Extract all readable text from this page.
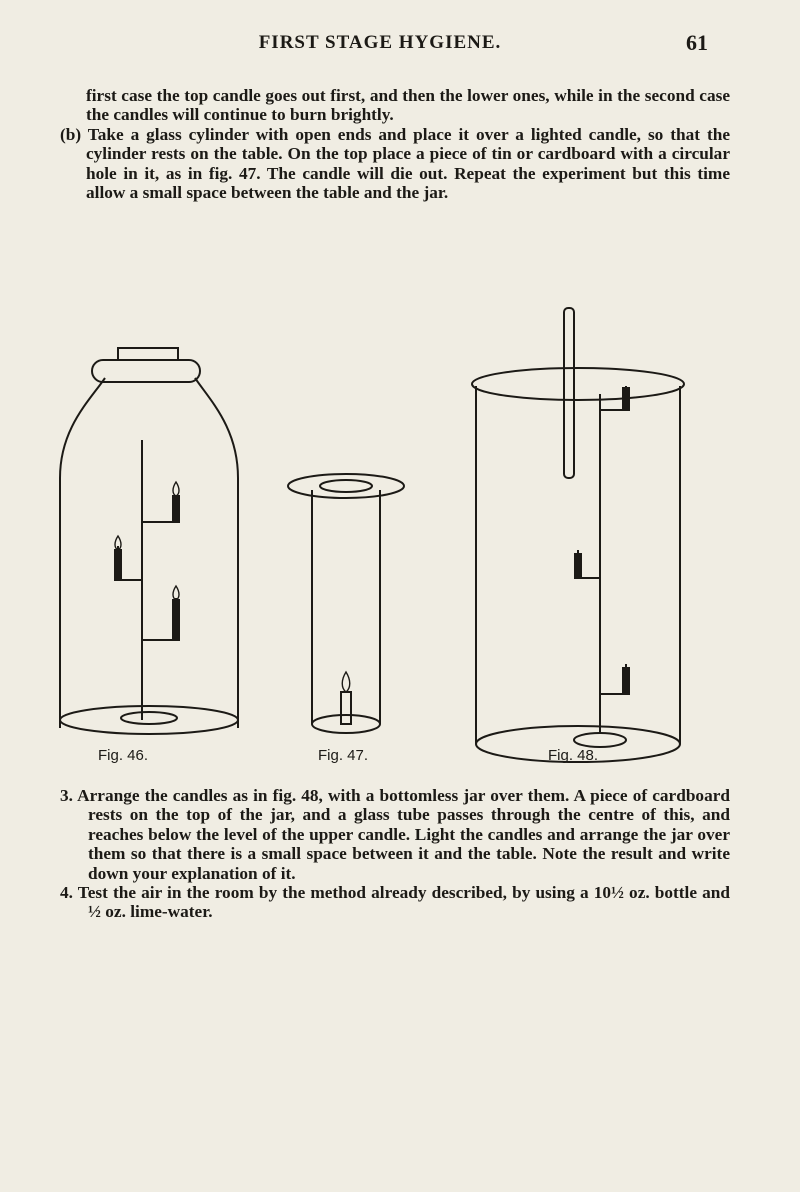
FIRST STAGE HYGIENE.	61
first case the top candle goes out first, and then the lower ones, while in the second case the candles will continue to burn brightly.
(b) Take a glass cylinder with open ends and place it over a lighted candle, so that the cylinder rests on the table. On the top place a piece of tin or cardboard with a circular hole in it, as in fig. 47. The candle will die out. Repeat the experiment but this time allow a small space between the table and the jar.
Fig. 46.	Fig. 47.	Fig. 48.

3. Arrange the candles as in fig. 48, with a bottomless jar over them. A piece of cardboard rests on the top of the jar, and a glass tube passes through the centre of this, and reaches below the level of the upper candle. Light the candles and arrange the jar over them so that there is a small space between it and the table. Note the result and write down your explanation of it.

4. Test the air in the room by the method already described, by using a 10½ oz. bottle and ½ oz. lime-water.
